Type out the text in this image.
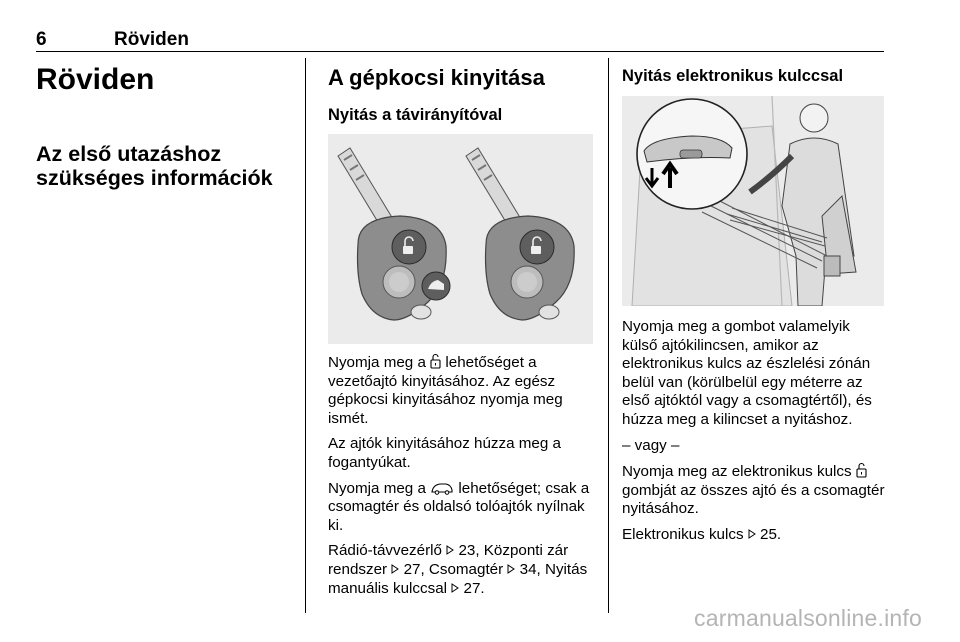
6	Röviden
Röviden
Az első utazáshoz
szükséges információk
A gépkocsi kinyitása
Nyitás a távirányítóval

Nyomja meg a lehetőséget a vezetőajtó kinyitásához. Az egész gépkocsi kinyitásához nyomja meg ismét.

Az ajtók kinyitásához húzza meg a fogantyúkat.

Nyomja meg a lehetőséget; csak a csomagtér és oldalsó tolóajtók nyílnak ki.

Rádió-távvezérlő 23, Központi zár rendszer 27, Csomagtér 34, Nyitás manuális kulccsal 27.

Nyitás elektronikus kulccsal

Nyomja meg a gombot valamelyik külső ajtókilincsen, amikor az elektronikus kulcs az észlelési zónán belül van (körülbelül egy méterre az első ajtóktól vagy a csomagtértől), és húzza meg a kilincset a nyitáshoz.

– vagy –

Nyomja meg az elektronikus kulcs  gombját az összes ajtó és a csomagtér nyitásához.

Elektronikus kulcs 25.

carmanualsonline.info
